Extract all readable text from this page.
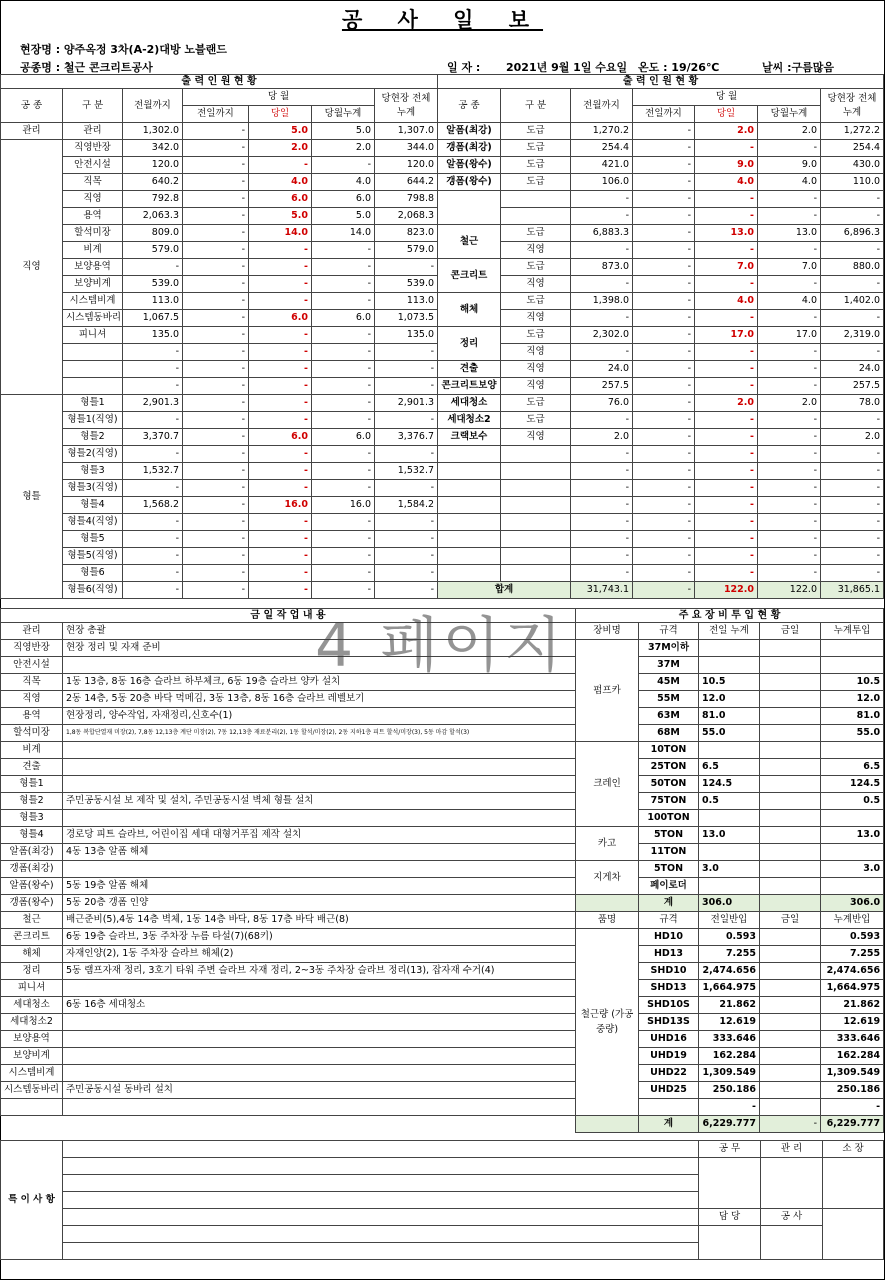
공 사 일 보
현장명 : 양주옥정 3차(A-2)대방 노블랜드
공종명 : 철근 콘크리트공사	일 자 : 2021년 9월 1일 수요일 온도 : 19/26℃	날씨 :구름많음
출 력 인 원 현 황						
공 종	구 분	전월까지	당 월			당현장 전체누계
			전일까지	당일	당월누계	
관리	관리	1,302.0	-	5.0	5.0	1,307.0
직영	직영반장	342.0	-	2.0	2.0	344.0
	안전시설	120.0	-	-	-	120.0
	직목	640.2	-	4.0	4.0	644.2
	직영	792.8	-	6.0	6.0	798.8
	용역	2,063.3	-	5.0	5.0	2,068.3
	할석미장	809.0	-	14.0	14.0	823.0
	비계	579.0	-	-	-	579.0
	보양용역	-	-	-	-	-
	보양비계	539.0	-	-	-	539.0
	시스템비계	113.0	-	-	-	113.0
	시스템동바리	1,067.5	-	6.0	6.0	1,073.5
	피니셔	135.0	-	-	-	135.0
		-	-	-	-	-
		-	-	-	-	-
		-	-	-	-	-
형틀	형틀1	2,901.3	-	-	-	2,901.3
	형틀1(직영)	-	-	-	-	-
	형틀2	3,370.7	-	6.0	6.0	3,376.7
	형틀2(직영)	-	-	-	-	-
	형틀3	1,532.7	-	-	-	1,532.7
	형틀3(직영)	-	-	-	-	-
	형틀4	1,568.2	-	16.0	16.0	1,584.2
	형틀4(직영)	-	-	-	-	-
	형틀5	-	-	-	-	-
	형틀5(직영)	-	-	-	-	-
	형틀6	-	-	-	-	-
	형틀6(직영)	-	-	-	-	-
출 력 인 원 현 황						
공 종	구 분	전월까지	당 월			당현장 전체누계
			전일까지	당일	당월누계	
알폼(최강)	도급	1,270.2	-	2.0	2.0	1,272.2
갱폼(최강)	도급	254.4	-	-	-	254.4
알폼(왕수)	도급	421.0	-	9.0	9.0	430.0
갱폼(왕수)	도급	106.0	-	4.0	4.0	110.0
		-	-	-	-	-
		-	-	-	-	-
철근	도급	6,883.3	-	13.0	13.0	6,896.3
	직영	-	-	-	-	-
콘크리트	도급	873.0	-	7.0	7.0	880.0
	직영	-	-	-	-	-
해체	도급	1,398.0	-	4.0	4.0	1,402.0
	직영	-	-	-	-	-
정리	도급	2,302.0	-	17.0	17.0	2,319.0
	직영	-	-	-	-	-
견출	직영	24.0	-	-	-	24.0
콘크리트보양	직영	257.5	-	-	-	257.5
세대청소	도급	76.0	-	2.0	2.0	78.0
세대청소2	도급	-	-	-	-	-
크랙보수	직영	2.0	-	-	-	2.0
		-	-	-	-	-
		-	-	-	-	-
		-	-	-	-	-
		-	-	-	-	-
		-	-	-	-	-
		-	-	-	-	-
		-	-	-	-	-
		-	-	-	-	-
합계		31,743.1	-	122.0	122.0	31,865.1
금 일 작 업 내 용	
관리	현장 총괄
직영반장	현장 정리 및 자재 준비
안전시설	
직목	1동 13층, 8동 16층 슬라브 하부체크, 6동 19층 슬라브 양카 설치
직영	2동 14층, 5동 20층 바닥 먹메김, 3동 13층, 8동 16층 슬라브 레벨보기
용역	현장정리, 양수작업, 자재정리,신호수(1)
할석미장	1,8동 복합단열재 미장(2), 7,8동 12,13층 계단 미장(2), 7동 12,13층 재료분리(2), 1동 할석/미장(2), 2동 지하1층 피트 할석/미장(3), 5동 마감 할석(3)
비계	
견출	
형틀1	
형틀2	주민공동시설 보 제작 및 설치, 주민공동시설 벽체 형틀 설치
형틀3	
형틀4	경로당 피트 슬라브, 어린이집 세대 대형거푸집 제작 설치
알폼(최강)	4동 13층 알폼 해체
갱폼(최강)	
알폼(왕수)	5동 19층 알폼 해체
갱폼(왕수)	5동 20층 갱폼 인양
철근	배근준비(5),4동 14층 벽체, 1동 14층 바닥, 8동 17층 바닥 배근(8)
콘크리트	6동 19층 슬라브, 3동 주차장 누름 타설(7)(68키)
해체	자재인양(2), 1동 주차장 슬라브 해체(2)
정리	5동 램프자재 정리, 3호기 타워 주변 슬라브 자재 정리, 2~3동 주차장 슬라브 정리(13), 잡자재 수거(4)
피니셔	
세대청소	6동 16층 세대청소
세대청소2	
보양용역	
보양비계	
시스템비계	
시스템동바리	주민공동시설 동바리 설치

주 요 장 비 투 입 현 황				
장비명	규격	전일 누계	금일	누계투입
펌프카	37M이하			
	37M			
	45M	10.5		10.5
	55M	12.0		12.0
	63M	81.0		81.0
	68M	55.0		55.0
크레인	10TON			
	25TON	6.5		6.5
	50TON	124.5		124.5
	75TON	0.5		0.5
	100TON			
카고	5TON	13.0		13.0
	11TON			
지게차	5TON	3.0		3.0
	페이로더			
	계	306.0		306.0
품명	규격	전일반입	금일	누계반입
철근량 (가공중량)	HD10	0.593		0.593
	HD13	7.255		7.255
	SHD10	2,474.656		2,474.656
	SHD13	1,664.975		1,664.975
	SHD10S	21.862		21.862
	SHD13S	12.619		12.619
	UHD16	333.646		333.646
	UHD19	162.284		162.284
	UHD22	1,309.549		1,309.549
	UHD25	250.186		250.186
		-		-
	계	6,229.777	-	6,229.777
특 이 사 항		공 무	관 리	소 장

		담 당	공 사	

4 페이지
